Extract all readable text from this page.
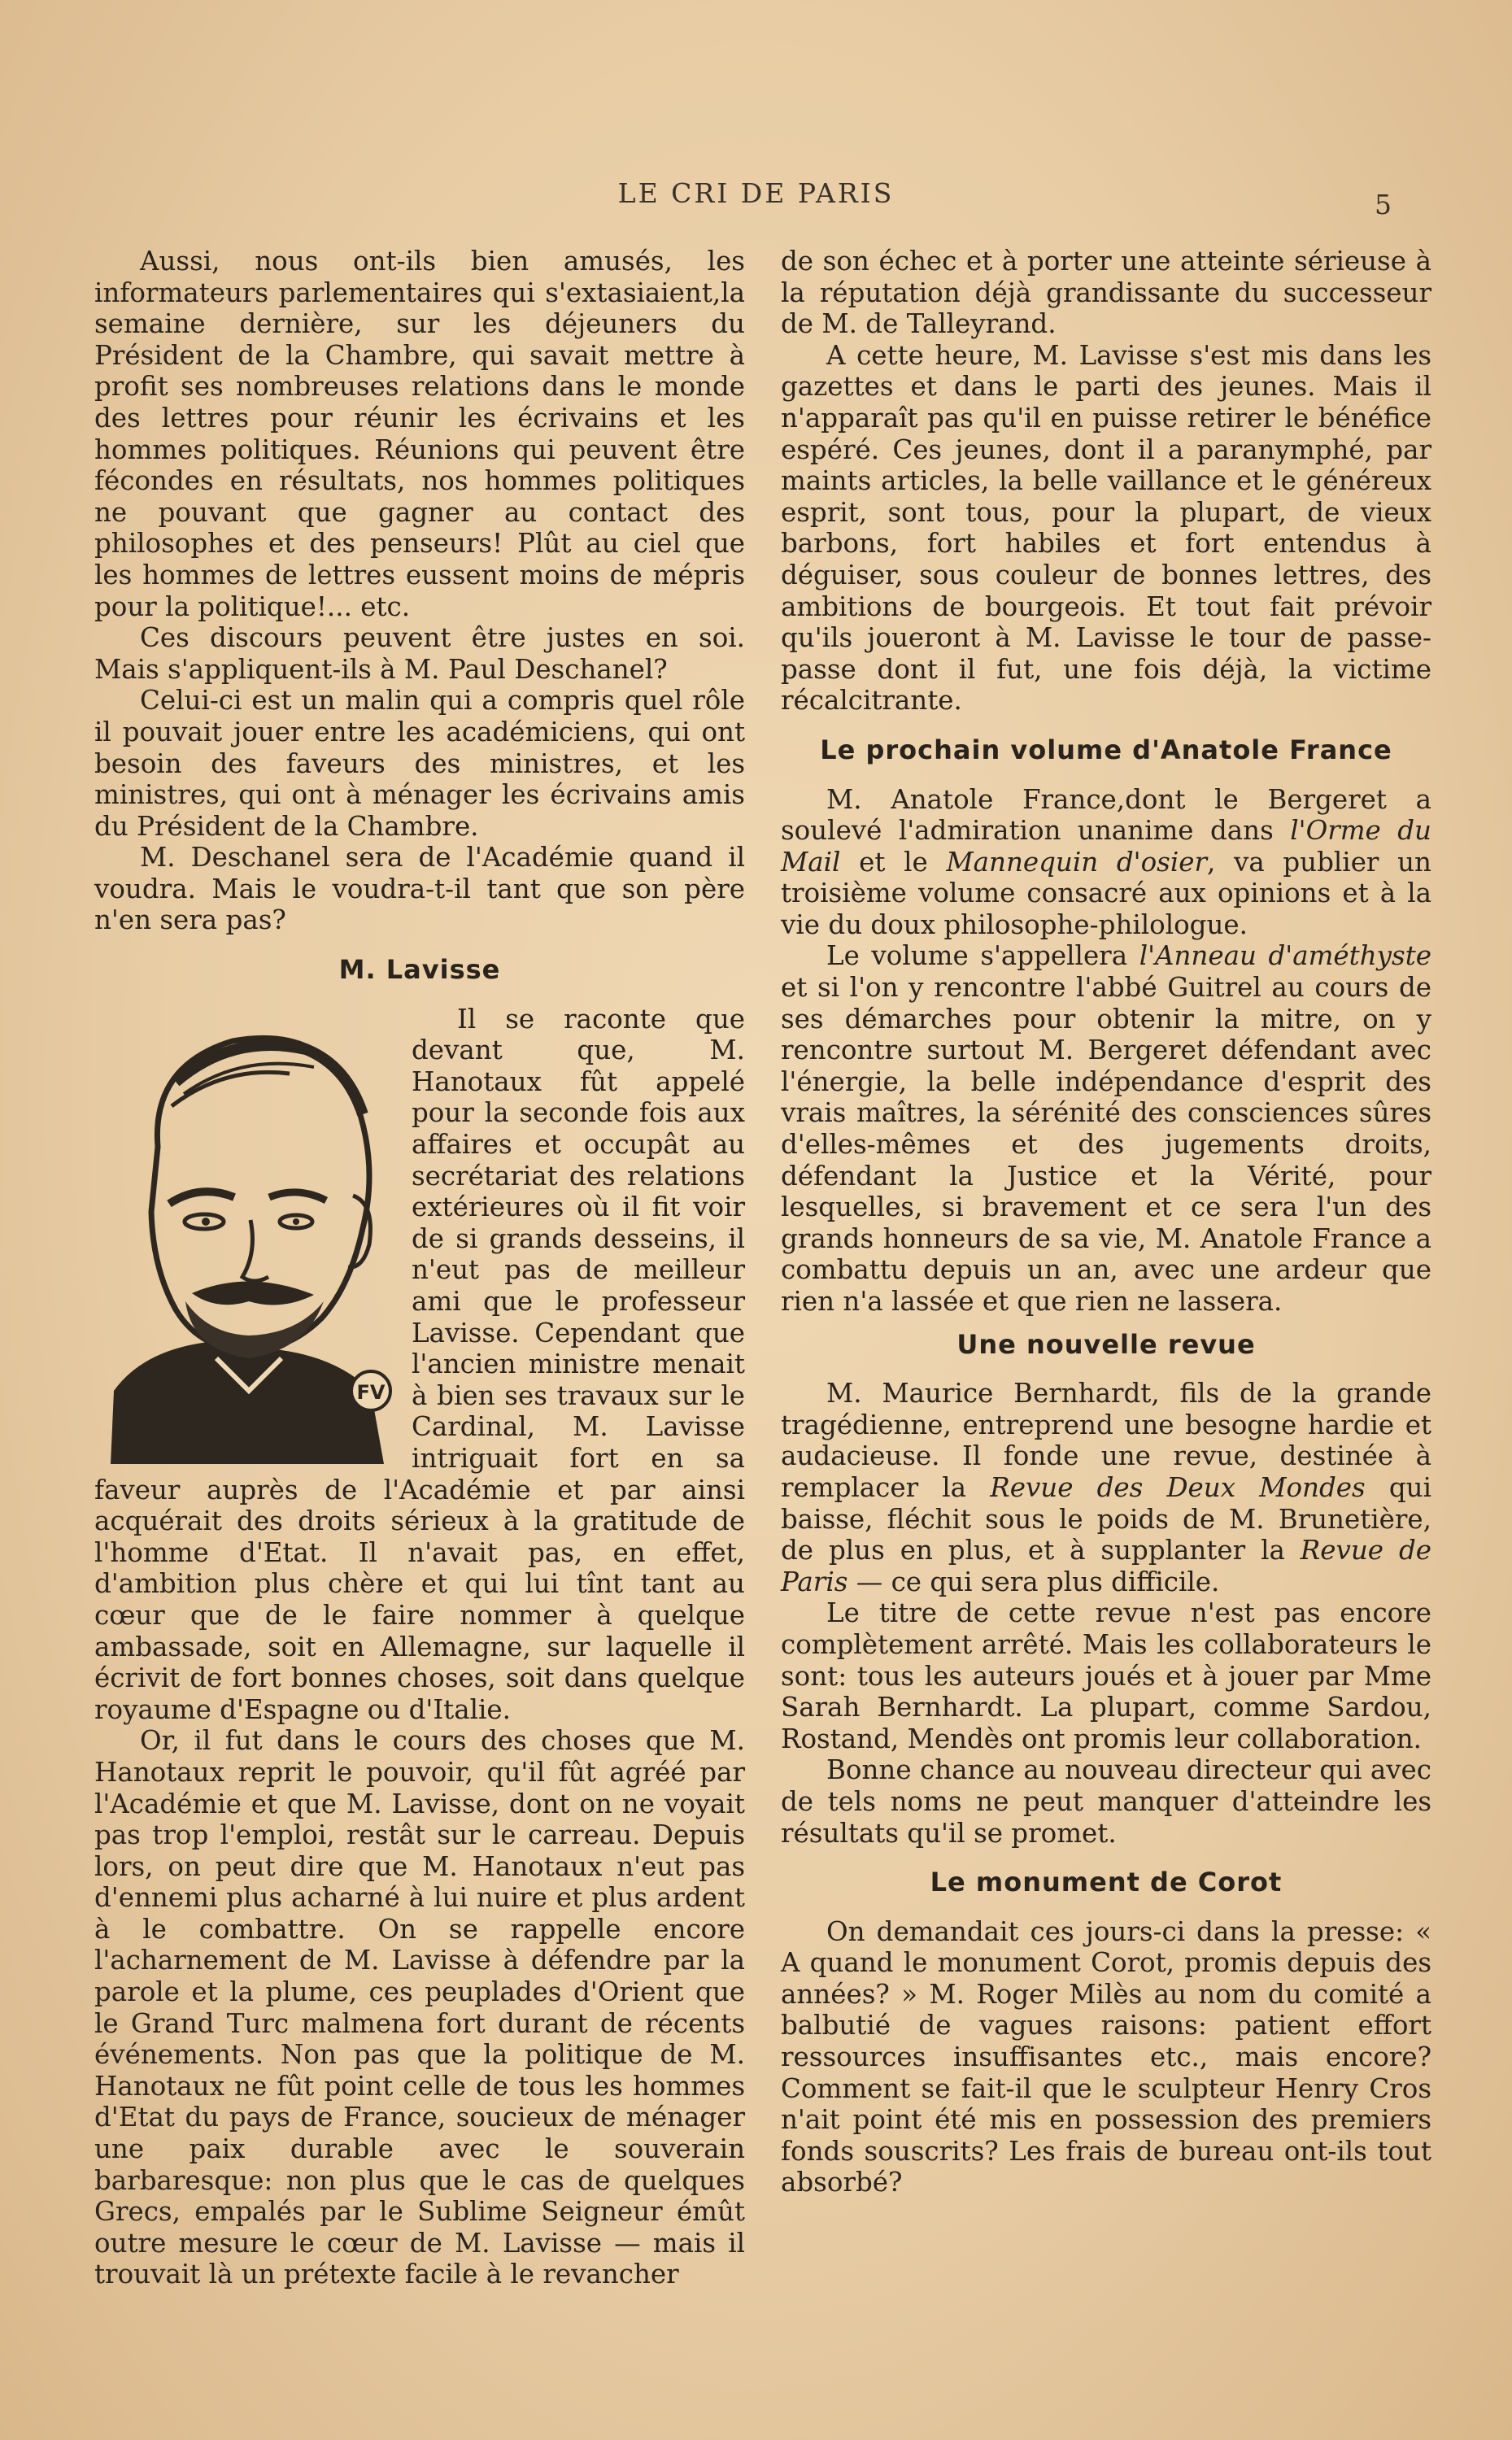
LE CRI DE PARIS	5

Aussi, nous ont-ils bien amusés, les informateurs parlementaires qui s'extasiaient,la semaine dernière, sur les déjeuners du Président de la Chambre, qui savait mettre à profit ses nombreuses relations dans le monde des lettres pour réunir les écrivains et les hommes politiques. Réunions qui peuvent être fécondes en résultats, nos hommes politiques ne pouvant que gagner au contact des philosophes et des penseurs! Plût au ciel que les hommes de lettres eussent moins de mépris pour la politique!... etc.

Ces discours peuvent être justes en soi. Mais s'appliquent-ils à M. Paul Deschanel?

Celui-ci est un malin qui a compris quel rôle il pouvait jouer entre les académiciens, qui ont besoin des faveurs des ministres, et les ministres, qui ont à ménager les écrivains amis du Président de la Chambre.

M. Deschanel sera de l'Académie quand il voudra. Mais le voudra-t-il tant que son père n'en sera pas?

M. Lavisse

FV
Il se raconte que devant que, M. Hanotaux fût appelé pour la seconde fois aux affaires et occupât au secrétariat des relations extérieures où il fit voir de si grands desseins, il n'eut pas de meilleur ami que le professeur Lavisse. Cependant que l'ancien ministre menait à bien ses travaux sur le Cardinal, M. Lavisse intriguait fort en sa faveur auprès de l'Académie et par ainsi acquérait des droits sérieux à la gratitude de l'homme d'Etat. Il n'avait pas, en effet, d'ambition plus chère et qui lui tînt tant au cœur que de le faire nommer à quelque ambassade, soit en Allemagne, sur laquelle il écrivit de fort bonnes choses, soit dans quelque royaume d'Espagne ou d'Italie.

Or, il fut dans le cours des choses que M. Hanotaux reprit le pouvoir, qu'il fût agréé par l'Académie et que M. Lavisse, dont on ne voyait pas trop l'emploi, restât sur le carreau. Depuis lors, on peut dire que M. Hanotaux n'eut pas d'ennemi plus acharné à lui nuire et plus ardent à le combattre. On se rappelle encore l'acharnement de M. Lavisse à défendre par la parole et la plume, ces peuplades d'Orient que le Grand Turc malmena fort durant de récents événements. Non pas que la politique de M. Hanotaux ne fût point celle de tous les hommes d'Etat du pays de France, soucieux de ménager une paix durable avec le souverain barbaresque: non plus que le cas de quelques Grecs, empalés par le Sublime Seigneur émût outre mesure le cœur de M. Lavisse — mais il trouvait là un prétexte facile à le revancher

de son échec et à porter une atteinte sérieuse à la réputation déjà grandissante du successeur de M. de Talleyrand.

A cette heure, M. Lavisse s'est mis dans les gazettes et dans le parti des jeunes. Mais il n'apparaît pas qu'il en puisse retirer le bénéfice espéré. Ces jeunes, dont il a paranymphé, par maints articles, la belle vaillance et le généreux esprit, sont tous, pour la plupart, de vieux barbons, fort habiles et fort entendus à déguiser, sous couleur de bonnes lettres, des ambitions de bourgeois. Et tout fait prévoir qu'ils joueront à M. Lavisse le tour de passe-passe dont il fut, une fois déjà, la victime récalcitrante.

Le prochain volume d'Anatole France

M. Anatole France,dont le Bergeret a soulevé l'admiration unanime dans l'Orme du Mail et le Mannequin d'osier, va publier un troisième volume consacré aux opinions et à la vie du doux philosophe-philologue.

Le volume s'appellera l'Anneau d'améthyste et si l'on y rencontre l'abbé Guitrel au cours de ses démarches pour obtenir la mitre, on y rencontre surtout M. Bergeret défendant avec l'énergie, la belle indépendance d'esprit des vrais maîtres, la sérénité des consciences sûres d'elles-mêmes et des jugements droits, défendant la Justice et la Vérité, pour lesquelles, si bravement et ce sera l'un des grands honneurs de sa vie, M. Anatole France a combattu depuis un an, avec une ardeur que rien n'a lassée et que rien ne lassera.

Une nouvelle revue

M. Maurice Bernhardt, fils de la grande tragédienne, entreprend une besogne hardie et audacieuse. Il fonde une revue, destinée à remplacer la Revue des Deux Mondes qui baisse, fléchit sous le poids de M. Brunetière, de plus en plus, et à supplanter la Revue de Paris — ce qui sera plus difficile.

Le titre de cette revue n'est pas encore complètement arrêté. Mais les collaborateurs le sont: tous les auteurs joués et à jouer par Mme Sarah Bernhardt. La plupart, comme Sardou, Rostand, Mendès ont promis leur collaboration.

Bonne chance au nouveau directeur qui avec de tels noms ne peut manquer d'atteindre les résultats qu'il se promet.

Le monument de Corot

On demandait ces jours-ci dans la presse: « A quand le monument Corot, promis depuis des années? » M. Roger Milès au nom du comité a balbutié de vagues raisons: patient effort ressources insuffisantes etc., mais encore? Comment se fait-il que le sculpteur Henry Cros n'ait point été mis en possession des premiers fonds souscrits? Les frais de bureau ont-ils tout absorbé?
